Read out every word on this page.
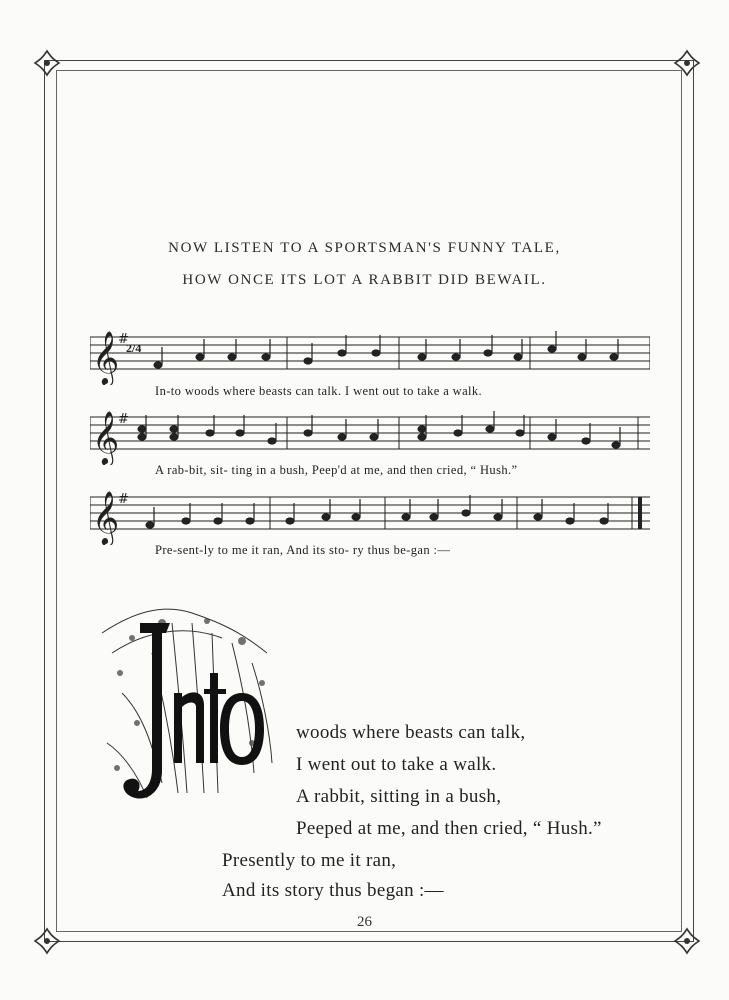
NOW LISTEN TO A SPORTSMAN'S FUNNY TALE,
HOW ONCE ITS LOT A RABBIT DID BEWAIL.
𝄞
#
2/4
In-to woods where beasts can talk. I went out to take a walk.
𝄞
#
A rab-bit, sit- ting in a bush, Peep'd at me, and then cried, “ Hush.”
𝄞
#
Pre-sent-ly to me it ran, And its sto- ry thus be-gan :—
woods where beasts can talk,
I went out to take a walk.
A rabbit, sitting in a bush,
Peeped at me, and then cried, “ Hush.”
Presently to me it ran,
And its story thus began :—
26
